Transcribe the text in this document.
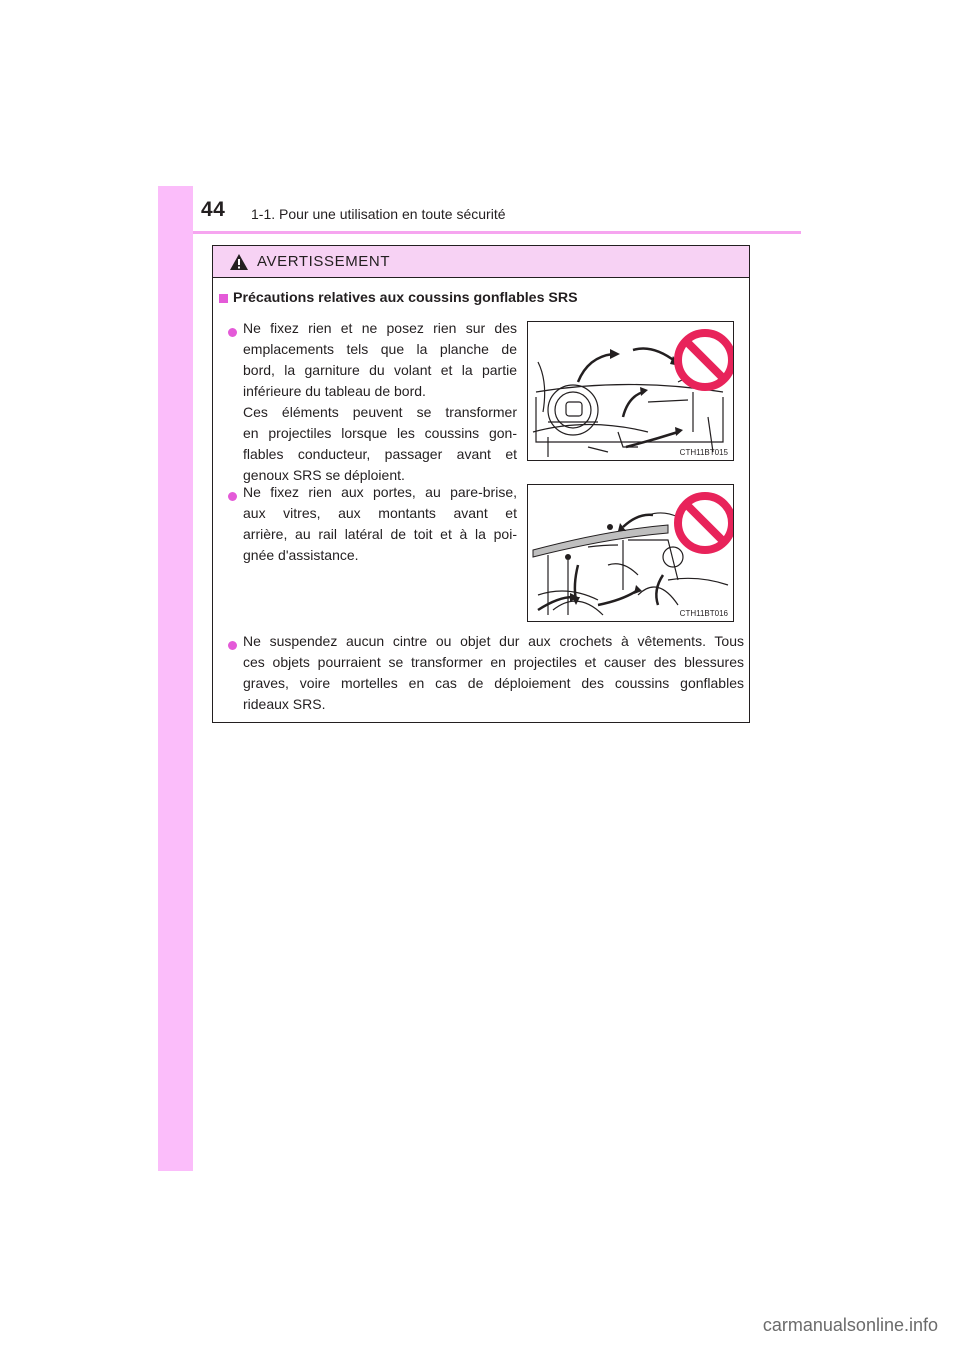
44 1-1. Pour une utilisation en toute sécurité
AVERTISSEMENT
Précautions relatives aux coussins gonflables SRS
Ne fixez rien et ne posez rien sur des
emplacements tels que la planche de
bord, la garniture du volant et la partie
inférieure du tableau de bord.
Ces éléments peuvent se transformer
en projectiles lorsque les coussins gon-
flables conducteur, passager avant et
genoux SRS se déploient.
CTH11BT015
Ne fixez rien aux portes, au pare-brise,
aux vitres, aux montants avant et
arrière, au rail latéral de toit et à la poi-
gnée d'assistance.
CTH11BT016
Ne suspendez aucun cintre ou objet dur aux crochets à vêtements. Tous
ces objets pourraient se transformer en projectiles et causer des blessures
graves, voire mortelles en cas de déploiement des coussins gonflables
rideaux SRS.
carmanualsonline.info
